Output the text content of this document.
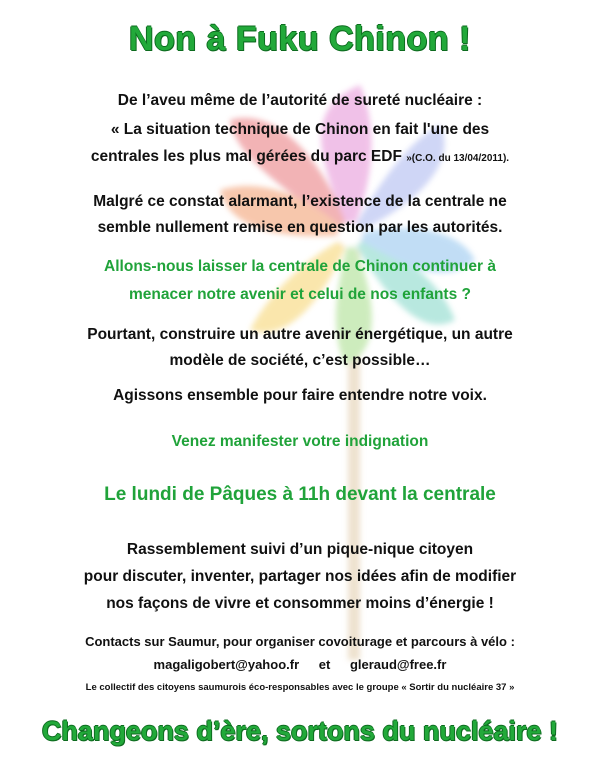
Non à Fuku Chinon !

De l’aveu même de l’autorité de sureté nucléaire :

« La situation technique de Chinon en fait l'une des

centrales les plus mal gérées du parc EDF »(C.O. du 13/04/2011).

Malgré ce constat alarmant, l’existence de la centrale ne

semble nullement remise en question par les autorités.

Allons-nous laisser la centrale de Chinon continuer à

menacer notre avenir et celui de nos enfants ?

Pourtant, construire un autre avenir énergétique, un autre

modèle de société, c’est possible…

Agissons ensemble pour faire entendre notre voix.

Venez manifester votre indignation

Le lundi de Pâques à 11h devant la centrale

Rassemblement suivi d’un pique-nique citoyen

pour discuter, inventer, partager nos idées afin de modifier

nos façons de vivre et consommer moins d’énergie !

Contacts sur Saumur, pour organiser covoiturage et parcours à vélo :

magaligobert@yahoo.fr et gleraud@free.fr

Le collectif des citoyens saumurois éco-responsables avec le groupe « Sortir du nucléaire 37 »

Changeons d’ère, sortons du nucléaire !
